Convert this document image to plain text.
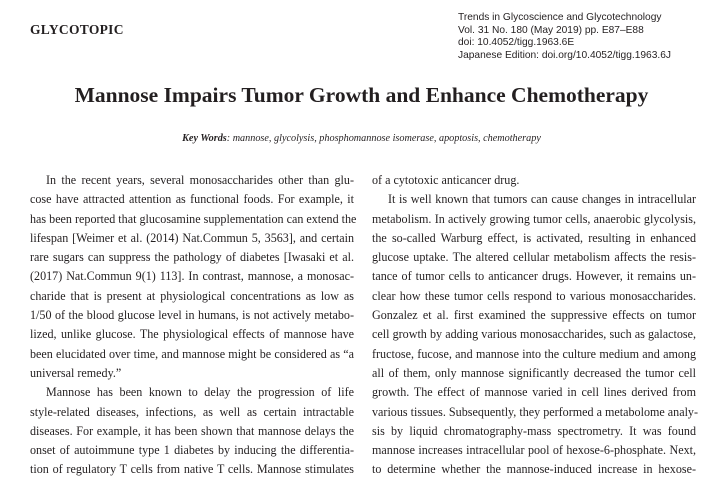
GLYCOTOPIC
Trends in Glycoscience and Glycotechnology
Vol. 31 No. 180 (May 2019) pp. E87–E88
doi: 10.4052/tigg.1963.6E
Japanese Edition: doi.org/10.4052/tigg.1963.6J
Mannose Impairs Tumor Growth and Enhance Chemotherapy
Key Words: mannose, glycolysis, phosphomannose isomerase, apoptosis, chemotherapy
In the recent years, several monosaccharides other than glu-
cose have attracted attention as functional foods. For example, it
has been reported that glucosamine supplementation can extend the
lifespan [Weimer et al. (2014) Nat.Commun 5, 3563], and certain
rare sugars can suppress the pathology of diabetes [Iwasaki et al.
(2017) Nat.Commun 9(1) 113]. In contrast, mannose, a monosac-
charide that is present at physiological concentrations as low as
1/50 of the blood glucose level in humans, is not actively metabo-
lized, unlike glucose. The physiological effects of mannose have
been elucidated over time, and mannose might be considered as “a
universal remedy.”
Mannose has been known to delay the progression of life
style-related diseases, infections, as well as certain intractable
diseases. For example, it has been shown that mannose delays the
onset of autoimmune type 1 diabetes by inducing the differentia-
tion of regulatory T cells from native T cells. Mannose stimulates
of a cytotoxic anticancer drug.
It is well known that tumors can cause changes in intracellular
metabolism. In actively growing tumor cells, anaerobic glycolysis,
the so-called Warburg effect, is activated, resulting in enhanced
glucose uptake. The altered cellular metabolism affects the resis-
tance of tumor cells to anticancer drugs. However, it remains un-
clear how these tumor cells respond to various monosaccharides.
Gonzalez et al. first examined the suppressive effects on tumor
cell growth by adding various monosaccharides, such as galactose,
fructose, fucose, and mannose into the culture medium and among
all of them, only mannose significantly decreased the tumor cell
growth. The effect of mannose varied in cell lines derived from
various tissues. Subsequently, they performed a metabolome analy-
sis by liquid chromatography-mass spectrometry. It was found
mannose increases intracellular pool of hexose-6-phosphate. Next,
to determine whether the mannose-induced increase in hexose-
